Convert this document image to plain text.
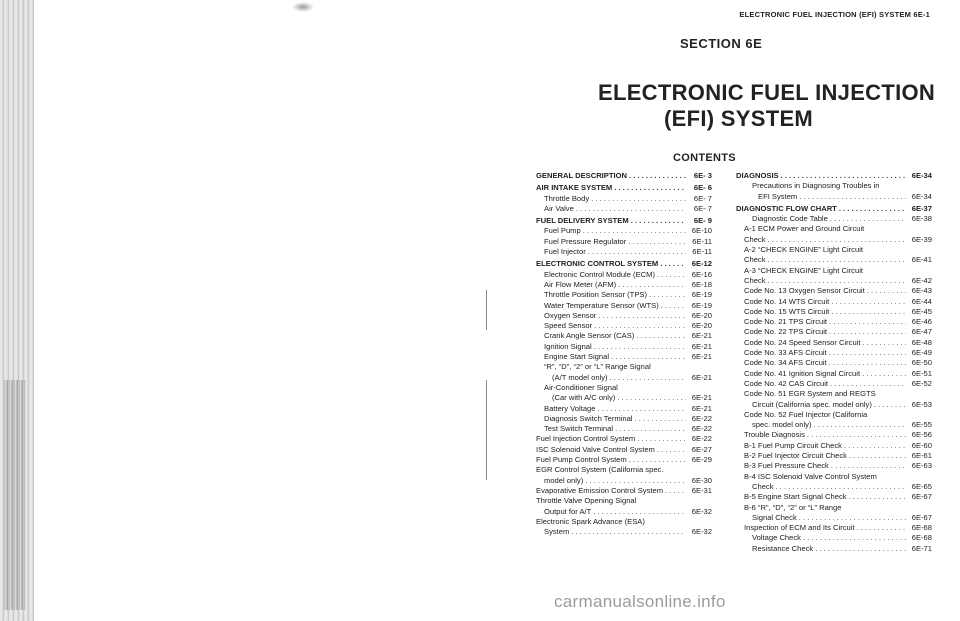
ELECTRONIC FUEL INJECTION (EFI) SYSTEM 6E-1
SECTION 6E
ELECTRONIC FUEL INJECTION
(EFI) SYSTEM
CONTENTS
GENERAL DESCRIPTION . . .	6E- 3
AIR INTAKE SYSTEM . . .	6E- 6
Throttle Body . . .	6E- 7
Air Valve . . .	6E- 7
FUEL DELIVERY SYSTEM . . .	6E- 9
Fuel Pump . . .	6E-10
Fuel Pressure Regulator . . .	6E-11
Fuel Injector . . .	6E-11
ELECTRONIC CONTROL SYSTEM . . .	6E-12
Electronic Control Module (ECM) . . .	6E-16
Air Flow Meter (AFM) . . .	6E-18
Throttle Position Sensor (TPS) . . .	6E-19
Water Temperature Sensor (WTS) . . .	6E-19
Oxygen Sensor . . .	6E-20
Speed Sensor . . .	6E-20
Crank Angle Sensor (CAS) . . .	6E-21
Ignition Signal . . .	6E-21
Engine Start Signal . . .	6E-21
“R”, “D”, “2” or “L” Range Signal
(A/T model only) . . .	6E-21
Air-Conditioner Signal
(Car with A/C only) . . .	6E-21
Battery Voltage . . .	6E-21
Diagnosis Switch Terminal . . .	6E-22
Test Switch Terminal . . .	6E-22
Fuel Injection Control System . . .	6E-22
ISC Solenoid Valve Control System . . .	6E-27
Fuel Pump Control System . . .	6E-29
EGR Control System (California spec.
model only) . . .	6E-30
Evaporative Emission Control System . . .	6E-31
Throttle Valve Opening Signal
Output for A/T . . .	6E-32
Electronic Spark Advance (ESA)
System . . .	6E-32
DIAGNOSIS . . .	6E-34
Precautions in Diagnosing Troubles in
EFI System . . .	6E-34
DIAGNOSTIC FLOW CHART . . .	6E-37
Diagnostic Code Table . . .	6E-38
A-1 ECM Power and Ground Circuit
Check . . .	6E-39
A-2 “CHECK ENGINE” Light Circuit
Check . . .	6E-41
A-3 “CHECK ENGINE” Light Circuit
Check . . .	6E-42
Code No. 13 Oxygen Sensor Circuit . . .	6E-43
Code No. 14 WTS Circuit . . .	6E-44
Code No. 15 WTS Circuit . . .	6E-45
Code No. 21 TPS Circuit . . .	6E-46
Code No. 22 TPS Circuit . . .	6E-47
Code No. 24 Speed Sensor Circuit . . .	6E-48
Code No. 33 AFS Circuit . . .	6E-49
Code No. 34 AFS Circuit . . .	6E-50
Code No. 41 Ignition Signal Circuit . . .	6E-51
Code No. 42 CAS Circuit . . .	6E-52
Code No. 51 EGR System and REGTS
Circuit (California spec. model only) . . .	6E-53
Code No. 52 Fuel Injector (California
spec. model only) . . .	6E-55
Trouble Diagnosis . . .	6E-56
B-1 Fuel Pump Circuit Check . . .	6E-60
B-2 Fuel Injector Circuit Check . . .	6E-61
B-3 Fuel Pressure Check . . .	6E-63
B-4 ISC Solenoid Valve Control System
Check . . .	6E-65
B-5 Engine Start Signal Check . . .	6E-67
B-6 “R”, “D”, “2” or “L” Range
Signal Check . . .	6E-67
Inspection of ECM and Its Circuit . . .	6E-68
Voltage Check . . .	6E-68
Resistance Check . . .	6E-71
carmanualsonline.info
